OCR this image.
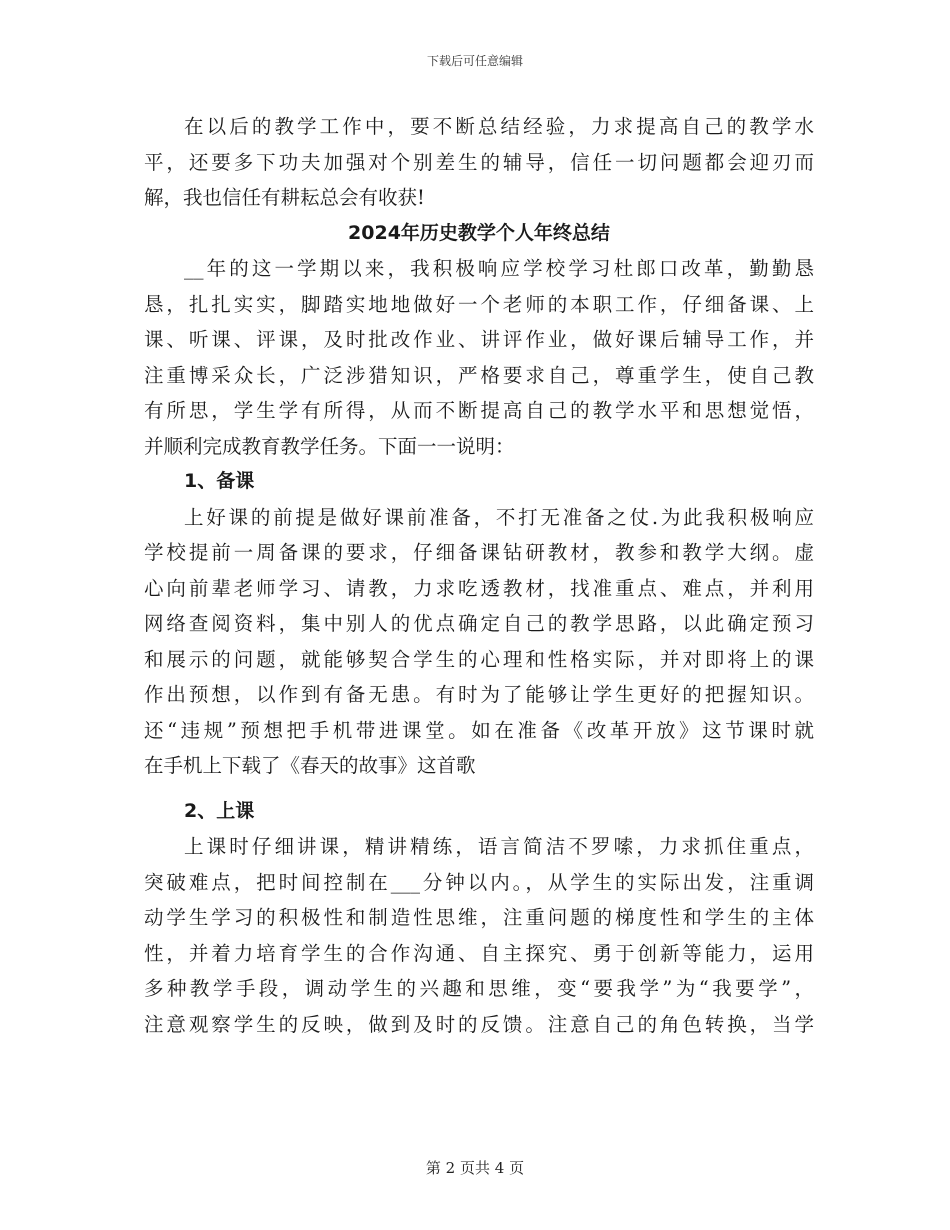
下载后可任意编辑
在以后的教学工作中，要不断总结经验，力求提高自己的教学水
平，还要多下功夫加强对个别差生的辅导，信任一切问题都会迎刃而
解，我也信任有耕耘总会有收获!
2024年历史教学个人年终总结
__年的这一学期以来，我积极响应学校学习杜郎口改革，勤勤恳
恳，扎扎实实，脚踏实地地做好一个老师的本职工作，仔细备课、上
课、听课、评课，及时批改作业、讲评作业，做好课后辅导工作，并
注重博采众长，广泛涉猎知识，严格要求自己，尊重学生，使自己教
有所思，学生学有所得，从而不断提高自己的教学水平和思想觉悟，
并顺利完成教育教学任务。下面一一说明：
1、备课
上好课的前提是做好课前准备，不打无准备之仗.为此我积极响应
学校提前一周备课的要求，仔细备课钻研教材，教参和教学大纲。虚
心向前辈老师学习、请教，力求吃透教材，找准重点、难点，并利用
网络查阅资料，集中别人的优点确定自己的教学思路，以此确定预习
和展示的问题，就能够契合学生的心理和性格实际，并对即将上的课
作出预想，以作到有备无患。有时为了能够让学生更好的把握知识。
还“违规”预想把手机带进课堂。如在准备《改革开放》这节课时就
在手机上下载了《春天的故事》这首歌
2、上课
上课时仔细讲课，精讲精练，语言简洁不罗嗦，力求抓住重点，
突破难点，把时间控制在___分钟以内。，从学生的实际出发，注重调
动学生学习的积极性和制造性思维，注重问题的梯度性和学生的主体
性，并着力培育学生的合作沟通、自主探究、勇于创新等能力，运用
多种教学手段，调动学生的兴趣和思维，变“要我学”为“我要学”，
注意观察学生的反映，做到及时的反馈。注意自己的角色转换，当学
第 2 页共 4 页
